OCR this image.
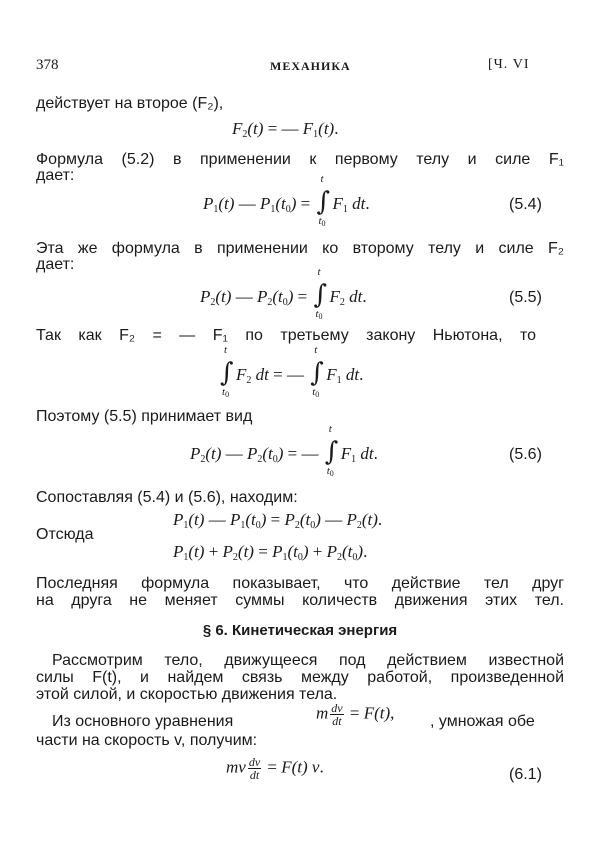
378	МЕХАНИКА	[Ч. VI
действует на второе (F₂),
$F_2(t)$ = — $F_1(t)$.
Формула (5.2) в применении к первому телу и силе F₁
дает:
$P_1(t)$ — $P_1(t_0)$ = ∫
t
$t_0$
$F_1$ dt.	(5.4)
Эта же формула в применении ко второму телу и силе F₂
дает:
$P_2(t)$ — $P_2(t_0)$ = ∫
t
$t_0$
$F_2$ dt.	(5.5)
Так как F₂ = — F₁ по третьему закону Ньютона, то
∫
t
$t_0$
$F_2$ dt = — ∫
t
$t_0$
$F_1$ dt.
Поэтому (5.5) принимает вид
$P_2(t)$ — $P_2(t_0)$ = — ∫
t
$t_0$
$F_1$ dt.	(5.6)
Сопоставляя (5.4) и (5.6), находим:
$P_1(t)$ — $P_1(t_0) = P_2(t_0)$ — $P_2(t)$.
Отсюда
$P_1(t) + P_2(t) = P_1(t_0) + P_2(t_0)$.
Последняя формула показывает, что действие тел друг
на друга не меняет суммы количеств движения этих тел.
§ 6. Кинетическая энергия
Рассмотрим тело, движущееся под действием известной
силы F(t), и найдем связь между работой, произведенной
этой силой, и скоростью движения тела.
Из основного уравнения	m $\frac{dv}{dt} = F(t)$, , умножая обе
части на скорость v, получим:
mv $\frac{dv}{dt} = F(t)$ v.	(6.1)
